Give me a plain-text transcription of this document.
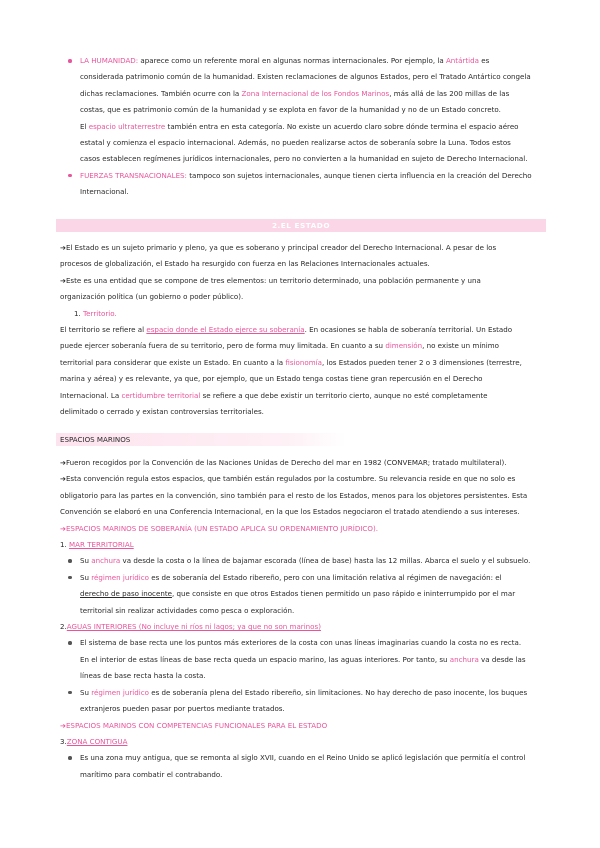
LA HUMANIDAD: aparece como un referente moral en algunas normas internacionales. Por ejemplo, la Antártida es
considerada patrimonio común de la humanidad. Existen reclamaciones de algunos Estados, pero el Tratado Antártico congela
dichas reclamaciones. También ocurre con la Zona Internacional de los Fondos Marinos, más allá de las 200 millas de las
costas, que es patrimonio común de la humanidad y se explota en favor de la humanidad y no de un Estado concreto.
El espacio ultraterrestre también entra en esta categoría. No existe un acuerdo claro sobre dónde termina el espacio aéreo
estatal y comienza el espacio internacional. Además, no pueden realizarse actos de soberanía sobre la Luna. Todos estos
casos establecen regímenes jurídicos internacionales, pero no convierten a la humanidad en sujeto de Derecho Internacional.
FUERZAS TRANSNACIONALES: tampoco son sujetos internacionales, aunque tienen cierta influencia en la creación del Derecho
Internacional.
2.EL ESTADO

➔El Estado es un sujeto primario y pleno, ya que es soberano y principal creador del Derecho Internacional. A pesar de los
procesos de globalización, el Estado ha resurgido con fuerza en las Relaciones Internacionales actuales.

➔Este es una entidad que se compone de tres elementos: un territorio determinado, una población permanente y una
organización política (un gobierno o poder público).

1. Territorio.

El territorio se refiere al espacio donde el Estado ejerce su soberanía. En ocasiones se habla de soberanía territorial. Un Estado
puede ejercer soberanía fuera de su territorio, pero de forma muy limitada. En cuanto a su dimensión, no existe un mínimo
territorial para considerar que existe un Estado. En cuanto a la fisionomía, los Estados pueden tener 2 o 3 dimensiones (terrestre,
marina y aérea) y es relevante, ya que, por ejemplo, que un Estado tenga costas tiene gran repercusión en el Derecho
Internacional. La certidumbre territorial se refiere a que debe existir un territorio cierto, aunque no esté completamente
delimitado o cerrado y existan controversias territoriales.

ESPACIOS MARINOS

➔Fueron recogidos por la Convención de las Naciones Unidas de Derecho del mar en 1982 (CONVEMAR; tratado multilateral).

➔Esta convención regula estos espacios, que también están regulados por la costumbre. Su relevancia reside en que no solo es
obligatorio para las partes en la convención, sino también para el resto de los Estados, menos para los objetores persistentes. Esta
Convención se elaboró en una Conferencia Internacional, en la que los Estados negociaron el tratado atendiendo a sus intereses.

➔ESPACIOS MARINOS DE SOBERANÍA (UN ESTADO APLICA SU ORDENAMIENTO JURÍDICO).

1. MAR TERRITORIAL

Su anchura va desde la costa o la línea de bajamar escorada (línea de base) hasta las 12 millas. Abarca el suelo y el subsuelo.
Su régimen jurídico es de soberanía del Estado ribereño, pero con una limitación relativa al régimen de navegación: el
derecho de paso inocente, que consiste en que otros Estados tienen permitido un paso rápido e ininterrumpido por el mar
territorial sin realizar actividades como pesca o exploración.

2.AGUAS INTERIORES (No incluye ni ríos ni lagos; ya que no son marinos)

El sistema de base recta une los puntos más exteriores de la costa con unas líneas imaginarias cuando la costa no es recta.
En el interior de estas líneas de base recta queda un espacio marino, las aguas interiores. Por tanto, su anchura va desde las
líneas de base recta hasta la costa.
Su régimen jurídico es de soberanía plena del Estado ribereño, sin limitaciones. No hay derecho de paso inocente, los buques
extranjeros pueden pasar por puertos mediante tratados.

➔ESPACIOS MARINOS CON COMPETENCIAS FUNCIONALES PARA EL ESTADO

3.ZONA CONTIGUA

Es una zona muy antigua, que se remonta al siglo XVII, cuando en el Reino Unido se aplicó legislación que permitía el control
marítimo para combatir el contrabando.
